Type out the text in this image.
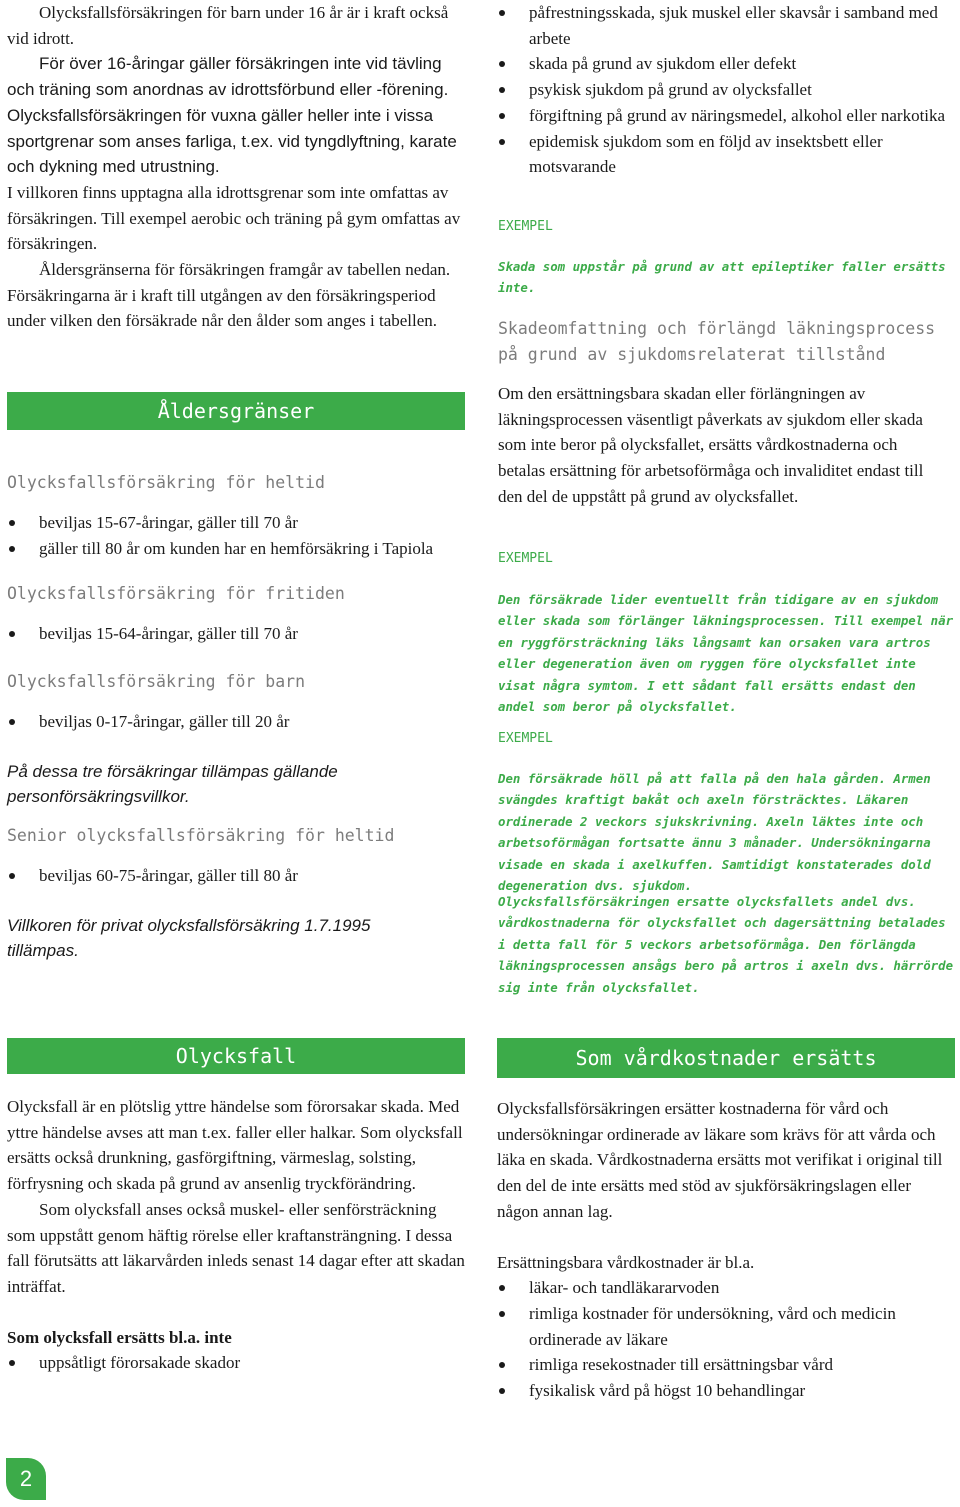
Olycksfallsförsäkringen för barn under 16 år är i kraft också vid idrott.

För över 16-åringar gäller försäkringen inte vid tävling och träning som anordnas av idrottsförbund eller -förening. Olycksfallsförsäkringen för vuxna gäller heller inte i vissa sportgrenar som anses farliga, t.ex. vid tyngdlyftning, karate och dykning med utrustning.

I villkoren finns upptagna alla idrottsgrenar som inte omfattas av försäkringen. Till exempel aerobic och träning på gym omfattas av försäkringen.

Åldersgränserna för försäkringen framgår av tabellen nedan. Försäkringarna är i kraft till utgången av den försäkringsperiod under vilken den försäkrade når den ålder som anges i tabellen.

Åldersgränser

Olycksfallsförsäkring för heltid

beviljas 15-67-åringar, gäller till 70 år
gäller till 80 år om kunden har en hemförsäkring i Tapiola

Olycksfallsförsäkring för fritiden

beviljas 15-64-åringar, gäller till 70 år

Olycksfallsförsäkring för barn

beviljas 0-17-åringar, gäller till 20 år

På dessa tre försäkringar tillämpas gällande personförsäkringsvillkor.

Senior olycksfallsförsäkring för heltid

beviljas 60-75-åringar, gäller till 80 år

Villkoren för privat olycksfallsförsäkring 1.7.1995 tillämpas.

Olycksfall

Olycksfall är en plötslig yttre händelse som förorsakar skada. Med yttre händelse avses att man t.ex. faller eller halkar. Som olycksfall ersätts också drunkning, gasförgiftning, värmeslag, solsting, förfrysning och skada på grund av ansenlig tryckförändring.

Som olycksfall anses också muskel- eller senförsträckning som uppstått genom häftig rörelse eller kraftansträngning. I dessa fall förutsätts att läkarvården inleds senast 14 dagar efter att skadan inträffat.

Som olycksfall ersätts bl.a. inte

uppsåtligt förorsakade skador
påfrestningsskada, sjuk muskel eller skavsår i samband med arbete
skada på grund av sjukdom eller defekt
psykisk sjukdom på grund av olycksfallet
förgiftning på grund av näringsmedel, alkohol eller narkotika
epidemisk sjukdom som en följd av insektsbett eller motsvarande

EXEMPEL

Skada som uppstår på grund av att epileptiker faller ersätts inte.

Skadeomfattning och förlängd läkningsprocess på grund av sjukdomsrelaterat tillstånd

Om den ersättningsbara skadan eller förlängningen av läkningsprocessen väsentligt påverkats av sjukdom eller skada som inte beror på olycksfallet, ersätts vårdkostnaderna och betalas ersättning för arbetsoförmåga och invaliditet endast till den del de uppstått på grund av olycksfallet.

EXEMPEL

Den försäkrade lider eventuellt från tidigare av en sjukdom eller skada som förlänger läkningsprocessen. Till exempel när en ryggförsträckning läks långsamt kan orsaken vara artros eller degeneration även om ryggen före olycksfallet inte visat några symtom. I ett sådant fall ersätts endast den andel som beror på olycksfallet.

EXEMPEL

Den försäkrade höll på att falla på den hala gården. Armen svängdes kraftigt bakåt och axeln försträcktes. Läkaren ordinerade 2 veckors sjukskrivning. Axeln läktes inte och arbetsoförmågan fortsatte ännu 3 månader. Undersökningarna visade en skada i axelkuffen. Samtidigt konstaterades dold degeneration dvs. sjukdom.

Olycksfallsförsäkringen ersatte olycksfallets andel dvs. vårdkostnaderna för olycksfallet och dagersättning betalades i detta fall för 5 veckors arbetsoförmåga. Den förlängda läkningsprocessen ansågs bero på artros i axeln dvs. härrörde sig inte från olycksfallet.

Som vårdkostnader ersätts

Olycksfallsförsäkringen ersätter kostnaderna för vård och undersökningar ordinerade av läkare som krävs för att vårda och läka en skada. Vårdkostnaderna ersätts mot verifikat i original till den del de inte ersätts med stöd av sjukförsäkringslagen eller någon annan lag.

Ersättningsbara vårdkostnader är bl.a.

läkar- och tandläkararvoden
rimliga kostnader för undersökning, vård och medicin ordinerade av läkare
rimliga resekostnader till ersättningsbar vård
fysikalisk vård på högst 10 behandlingar
2
